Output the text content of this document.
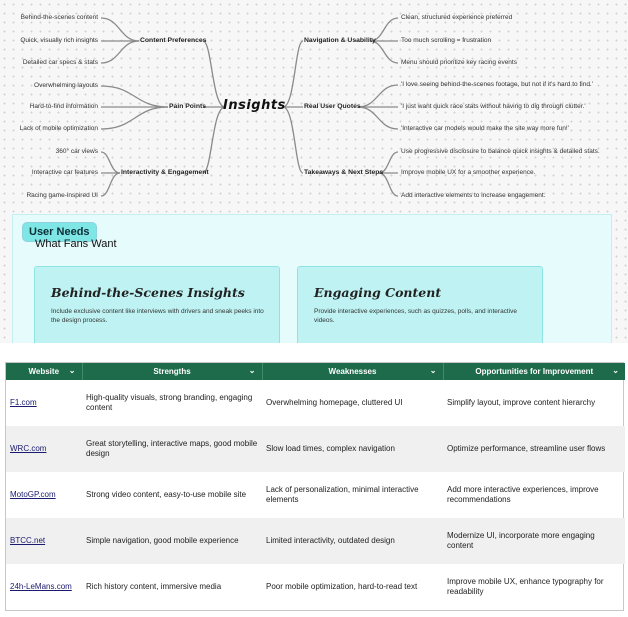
Insights
Content Preferences
Behind-the-scenes content
Quick, visually rich insights
Detailed car specs & stats
Pain Points
Overwhelming layouts
Hard-to-find information
Lack of mobile optimization
Interactivity & Engagement
360° car views
Interactive car features
Racing game-inspired UI
Navigation & Usability
Clean, structured experience preferred
Too much scrolling = frustration
Menu should prioritize key racing events
Real User Quotes
'I love seeing behind-the-scenes footage, but not if it's hard to find.'
'I just want quick race stats without having to dig through clutter.'
'Interactive car models would make the site way more fun!'
Takeaways & Next Steps
Use progressive disclosure to balance quick insights & detailed stats.
Improve mobile UX for a smoother experience.
Add interactive elements to increase engagement.
User Needs
What Fans Want
Behind-the-Scenes Insights
Include exclusive content like interviews with drivers and sneak peeks into the design process.
Engaging Content
Provide interactive experiences, such as quizzes, polls, and interactive videos.
Website ⌄	Strengths ⌄	Weaknesses ⌄	Opportunities for Improvement ⌄

F1.com	High-quality visuals, strong branding, engaging content	Overwhelming homepage, cluttered UI	Simplify layout, improve content hierarchy
WRC.com	Great storytelling, interactive maps, good mobile design	Slow load times, complex navigation	Optimize performance, streamline user flows
MotoGP.com	Strong video content, easy-to-use mobile site	Lack of personalization, minimal interactive elements	Add more interactive experiences, improve recommendations
BTCC.net	Simple navigation, good mobile experience	Limited interactivity, outdated design	Modernize UI, incorporate more engaging content
24h-LeMans.com	Rich history content, immersive media	Poor mobile optimization, hard-to-read text	Improve mobile UX, enhance typography for readability
